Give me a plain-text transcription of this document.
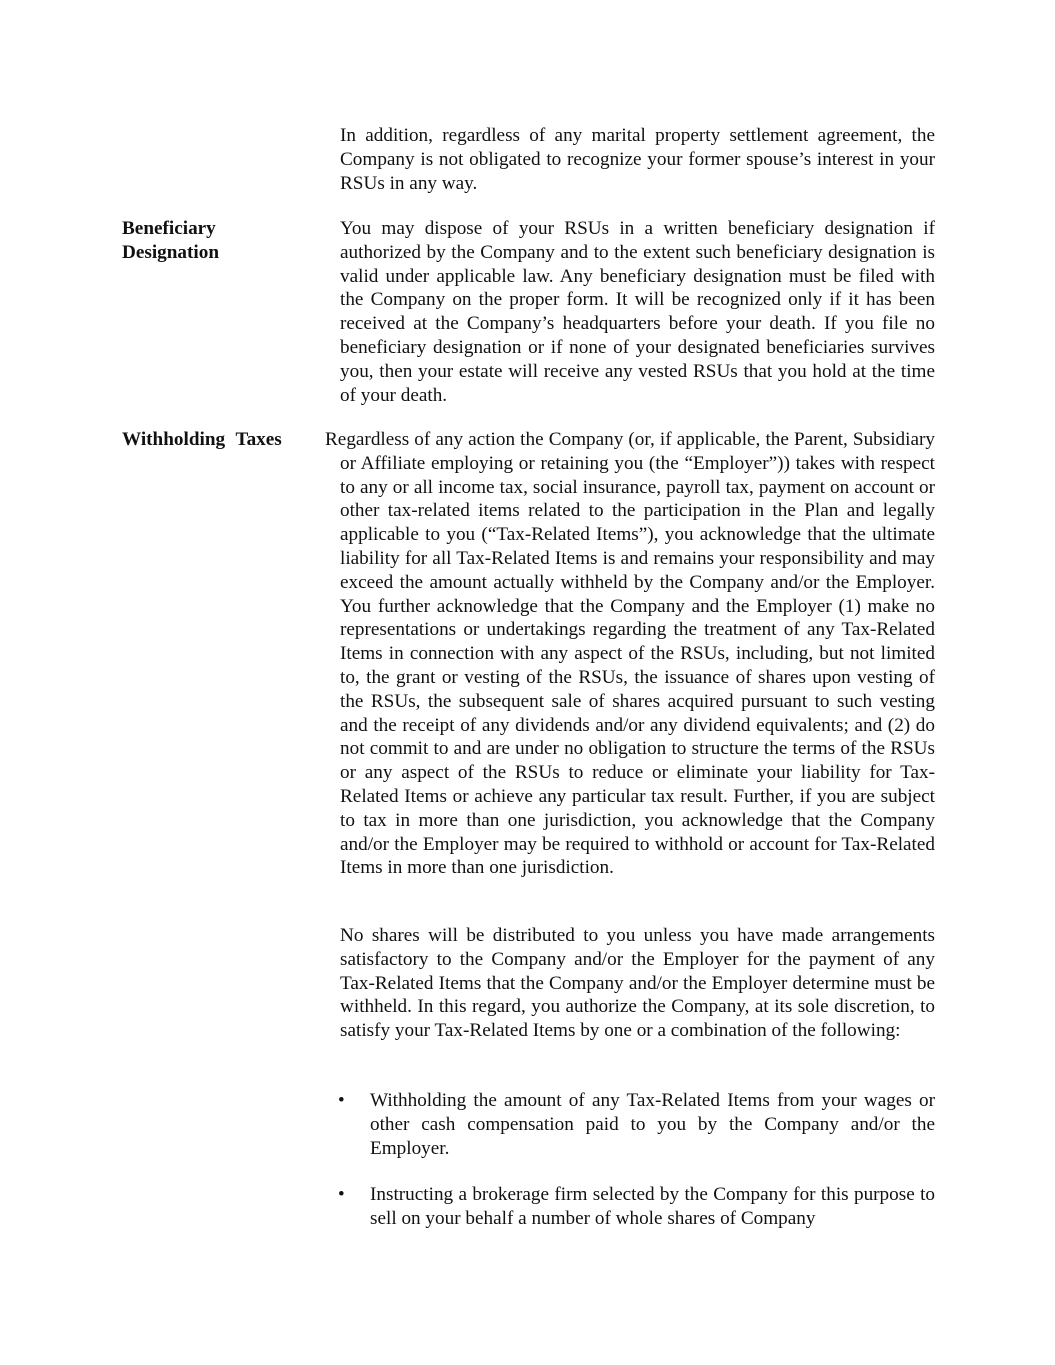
In addition, regardless of any marital property settlement agreement, the Company is not obligated to recognize your former spouse’s interest in your RSUs in any way.

Beneficiary
Designation

You may dispose of your RSUs in a written beneficiary designation if authorized by the Company and to the extent such beneficiary designation is valid under applicable law. Any beneficiary designation must be filed with the Company on the proper form. It will be recognized only if it has been received at the Company’s headquarters before your death. If you file no beneficiary designation or if none of your designated beneficiaries survives you, then your estate will receive any vested RSUs that you hold at the time of your death.

Withholding Taxes	Regardless of any action the Company (or, if applicable, the Parent, Subsidiary or Affiliate employing or retaining you (the “Employer”)) takes with respect to any or all income tax, social insurance, payroll tax, payment on account or other tax-related items related to the participation in the Plan and legally applicable to you (“Tax-Related Items”), you acknowledge that the ultimate liability for all Tax-Related Items is and remains your responsibility and may exceed the amount actually withheld by the Company and/or the Employer. You further acknowledge that the Company and the Employer (1) make no representations or undertakings regarding the treatment of any Tax-Related Items in connection with any aspect of the RSUs, including, but not limited to, the grant or vesting of the RSUs, the issuance of shares upon vesting of the RSUs, the subsequent sale of shares acquired pursuant to such vesting and the receipt of any dividends and/or any dividend equivalents; and (2) do not commit to and are under no obligation to structure the terms of the RSUs or any aspect of the RSUs to reduce or eliminate your liability for Tax-Related Items or achieve any particular tax result. Further, if you are subject to tax in more than one jurisdiction, you acknowledge that the Company and/or the Employer may be required to withhold or account for Tax-Related Items in more than one jurisdiction.

No shares will be distributed to you unless you have made arrangements satisfactory to the Company and/or the Employer for the payment of any Tax-Related Items that the Company and/or the Employer determine must be withheld. In this regard, you authorize the Company, at its sole discretion, to satisfy your Tax-Related Items by one or a combination of the following:

•	Withholding the amount of any Tax-Related Items from your wages or other cash compensation paid to you by the Company and/or the Employer.

•	Instructing a brokerage firm selected by the Company for this purpose to sell on your behalf a number of whole shares of Company
